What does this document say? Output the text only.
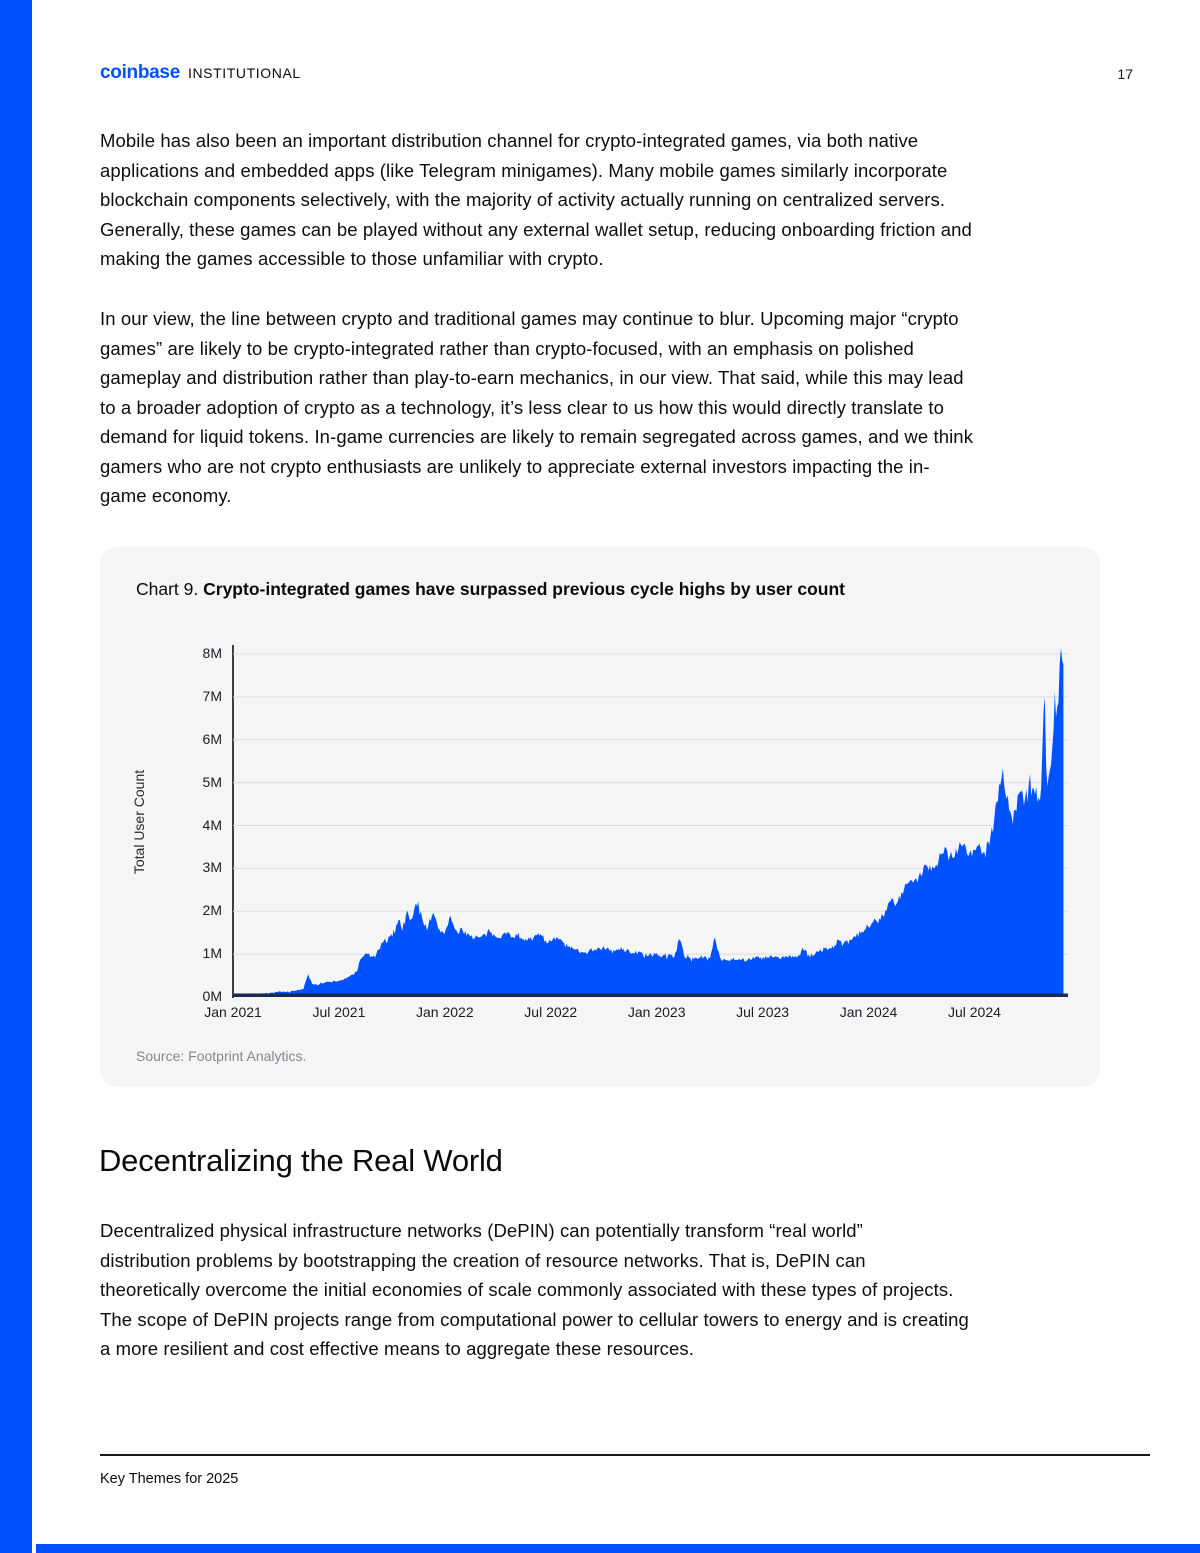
coinbase INSTITUTIONAL	17
Mobile has also been an important distribution channel for crypto-integrated games, via both native
applications and embedded apps (like Telegram minigames). Many mobile games similarly incorporate
blockchain components selectively, with the majority of activity actually running on centralized servers.
Generally, these games can be played without any external wallet setup, reducing onboarding friction and
making the games accessible to those unfamiliar with crypto.
In our view, the line between crypto and traditional games may continue to blur. Upcoming major “crypto
games” are likely to be crypto-integrated rather than crypto-focused, with an emphasis on polished
gameplay and distribution rather than play-to-earn mechanics, in our view. That said, while this may lead
to a broader adoption of crypto as a technology, it’s less clear to us how this would directly translate to
demand for liquid tokens. In-game currencies are likely to remain segregated across games, and we think
gamers who are not crypto enthusiasts are unlikely to appreciate external investors impacting the in-
game economy.
Chart 9. Crypto-integrated games have surpassed previous cycle highs by user count
Total User Count
0M
1M
2M
3M
4M
5M
6M
7M
8M
Jan 2021	Jul 2021	Jan 2022	Jul 2022	Jan 2023	Jul 2023	Jan 2024	Jul 2024
Source: Footprint Analytics.
Decentralizing the Real World
Decentralized physical infrastructure networks (DePIN) can potentially transform “real world”
distribution problems by bootstrapping the creation of resource networks. That is, DePIN can
theoretically overcome the initial economies of scale commonly associated with these types of projects.
The scope of DePIN projects range from computational power to cellular towers to energy and is creating
a more resilient and cost effective means to aggregate these resources.
Key Themes for 2025
